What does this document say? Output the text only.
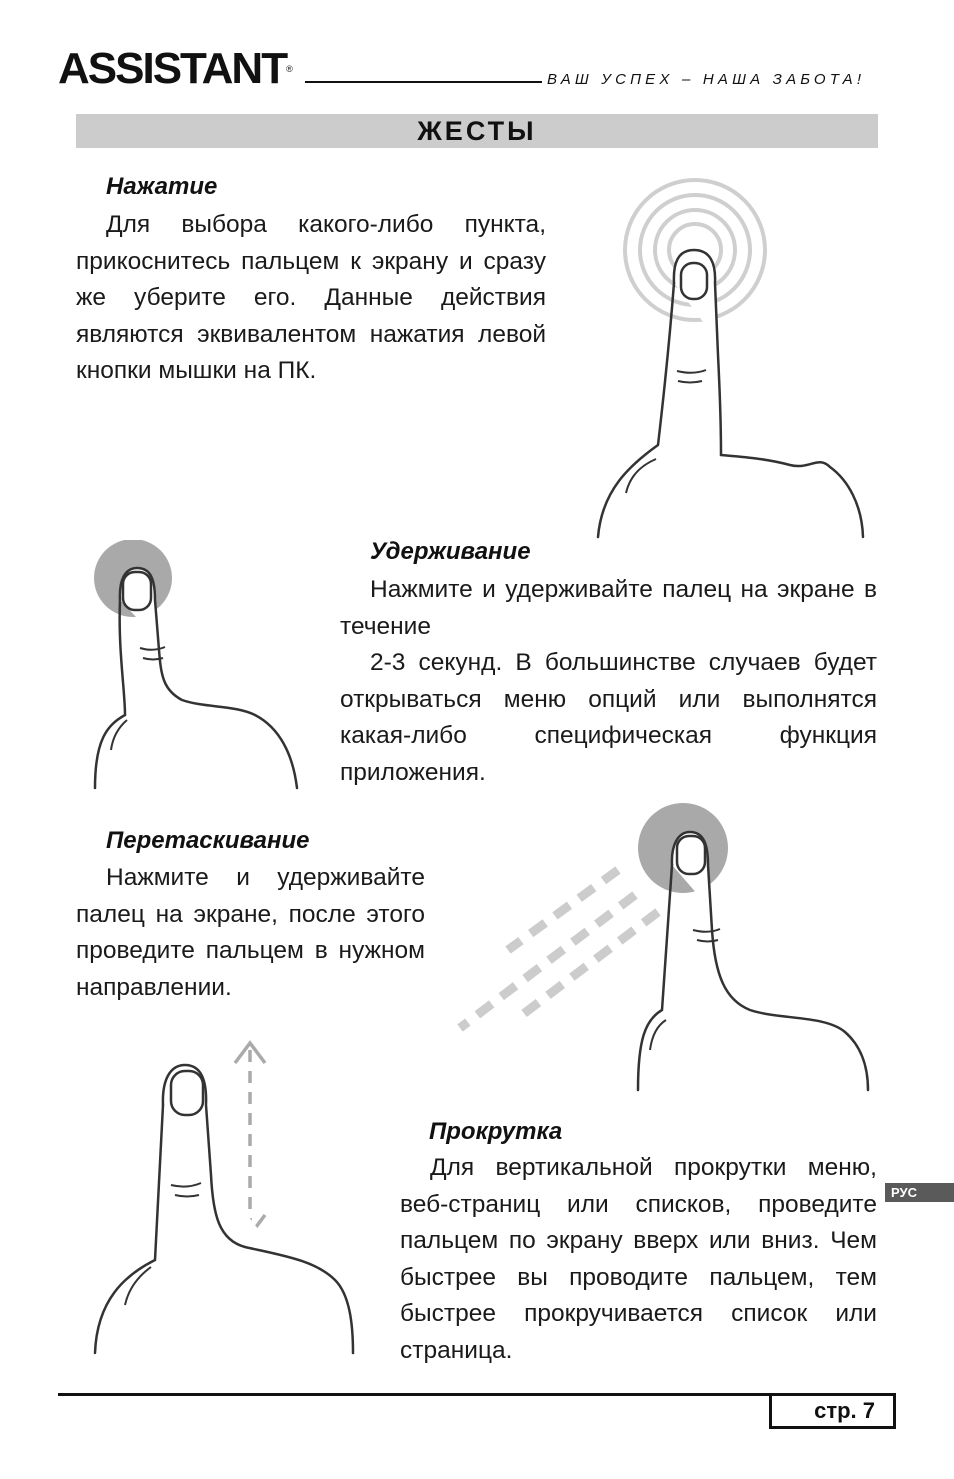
ASSISTANT®
ВАШ УСПЕХ – НАША ЗАБОТА!
ЖЕСТЫ
Нажатие

Для выбора какого-либо пункта, прикоснитесь пальцем к экрану и сразу же уберите его. Данные действия являются эквивалентом нажатия левой кнопки мышки на ПК.

Удерживание

Нажмите и удерживайте палец на экране в течение

2-3 секунд. В большинстве случаев будет открываться меню опций или выполнятся какая-либо специфическая функция приложения.

Перетаскивание

Нажмите и удерживайте палец на экране, после этого проведите пальцем в нужном направлении.

Прокрутка

Для вертикальной прокрутки меню, веб-страниц или списков, проведите пальцем по экрану вверх или вниз. Чем быстрее вы проводите пальцем, тем быстрее прокручивается список или страница.

РУС
стр. 7
